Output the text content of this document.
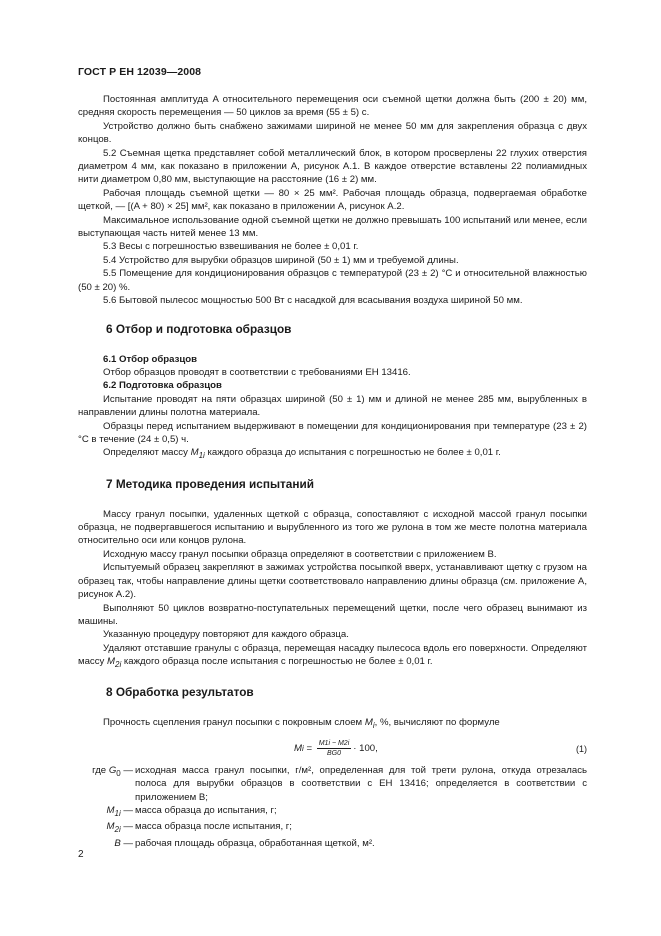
ГОСТ Р ЕН 12039—2008

Постоянная амплитуда A относительного перемещения оси съемной щетки должна быть (200 ± 20) мм, средняя скорость перемещения — 50 циклов за время (55 ± 5) с.

Устройство должно быть снабжено зажимами шириной не менее 50 мм для закрепления образца с двух концов.

5.2 Съемная щетка представляет собой металлический блок, в котором просверлены 22 глухих отверстия диаметром 4 мм, как показано в приложении А, рисунок А.1. В каждое отверстие вставлены 22 полиамидных нити диаметром 0,80 мм, выступающие на расстояние (16 ± 2) мм.

Рабочая площадь съемной щетки — 80 × 25 мм². Рабочая площадь образца, подвергаемая обработке щеткой, — [(A + 80) × 25] мм², как показано в приложении А, рисунок А.2.

Максимальное использование одной съемной щетки не должно превышать 100 испытаний или менее, если выступающая часть нитей менее 13 мм.

5.3 Весы с погрешностью взвешивания не более ± 0,01 г.

5.4 Устройство для вырубки образцов шириной (50 ± 1) мм и требуемой длины.

5.5 Помещение для кондиционирования образцов с температурой (23 ± 2) °С и относительной влажностью (50 ± 20) %.

5.6 Бытовой пылесос мощностью 500 Вт с насадкой для всасывания воздуха шириной 50 мм.

6 Отбор и подготовка образцов

6.1 Отбор образцов

Отбор образцов проводят в соответствии с требованиями ЕН 13416.

6.2 Подготовка образцов

Испытание проводят на пяти образцах шириной (50 ± 1) мм и длиной не менее 285 мм, вырубленных в направлении длины полотна материала.

Образцы перед испытанием выдерживают в помещении для кондиционирования при температуре (23 ± 2) °С в течение (24 ± 0,5) ч.

Определяют массу $M_{1i}$ каждого образца до испытания с погрешностью не более ± 0,01 г.

7 Методика проведения испытаний

Массу гранул посыпки, удаленных щеткой с образца, сопоставляют с исходной массой гранул посыпки образца, не подвергавшегося испытанию и вырубленного из того же рулона в том же месте полотна материала относительно оси или концов рулона.

Исходную массу гранул посыпки образца определяют в соответствии с приложением В.

Испытуемый образец закрепляют в зажимах устройства посыпкой вверх, устанавливают щетку с грузом на образец так, чтобы направление длины щетки соответствовало направлению длины образца (см. приложение А, рисунок А.2).

Выполняют 50 циклов возвратно-поступательных перемещений щетки, после чего образец вынимают из машины.

Указанную процедуру повторяют для каждого образца.

Удаляют отставшие гранулы с образца, перемещая насадку пылесоса вдоль его поверхности. Определяют массу $M_{2i}$ каждого образца после испытания с погрешностью не более ± 0,01 г.

8 Обработка результатов

Прочность сцепления гранул посыпки с покровным слоем $M_i$, %, вычисляют по формуле

M $i = \frac{M1i - M2i}{BG0} \cdot 100$,	(1)
где $G_0$ — исходная масса гранул посыпки, г/м², определенная для той трети рулона, откуда отрезалась полоса для вырубки образцов в соответствии с ЕН 13416; определяется в соответствии с приложением В;
$M_{1i}$ — масса образца до испытания, г;
$M_{2i}$ — масса образца после испытания, г;
B — рабочая площадь образца, обработанная щеткой, м².
2
